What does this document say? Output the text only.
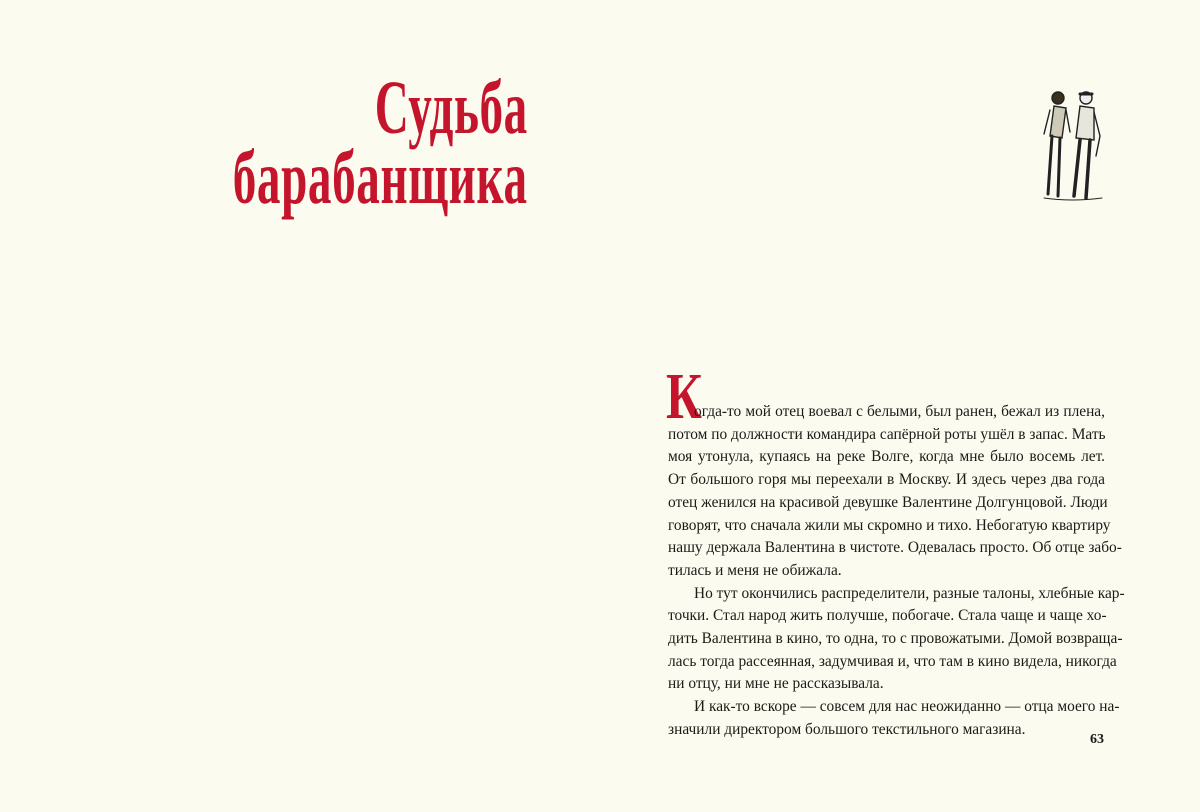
Судьба
барабанщика
К
огда-то мой отец воевал с белыми, был ранен, бежал из плена,
потом по должности командира сапёрной роты ушёл в запас. Мать
моя утонула, купаясь на реке Волге, когда мне было восемь лет.
От большого горя мы переехали в Москву. И здесь через два года
отец женился на красивой девушке Валентине Долгунцовой. Люди
говорят, что сначала жили мы скромно и тихо. Небогатую квартиру
нашу держала Валентина в чистоте. Одевалась просто. Об отце забо-
тилась и меня не обижала.
Но тут окончились распределители, разные талоны, хлебные кар-
точки. Стал народ жить получше, побогаче. Стала чаще и чаще хо-
дить Валентина в кино, то одна, то с провожатыми. Домой возвраща-
лась тогда рассеянная, задумчивая и, что там в кино видела, никогда
ни отцу, ни мне не рассказывала.
И как-то вскоре — совсем для нас неожиданно — отца моего на-
значили директором большого текстильного магазина.
63
